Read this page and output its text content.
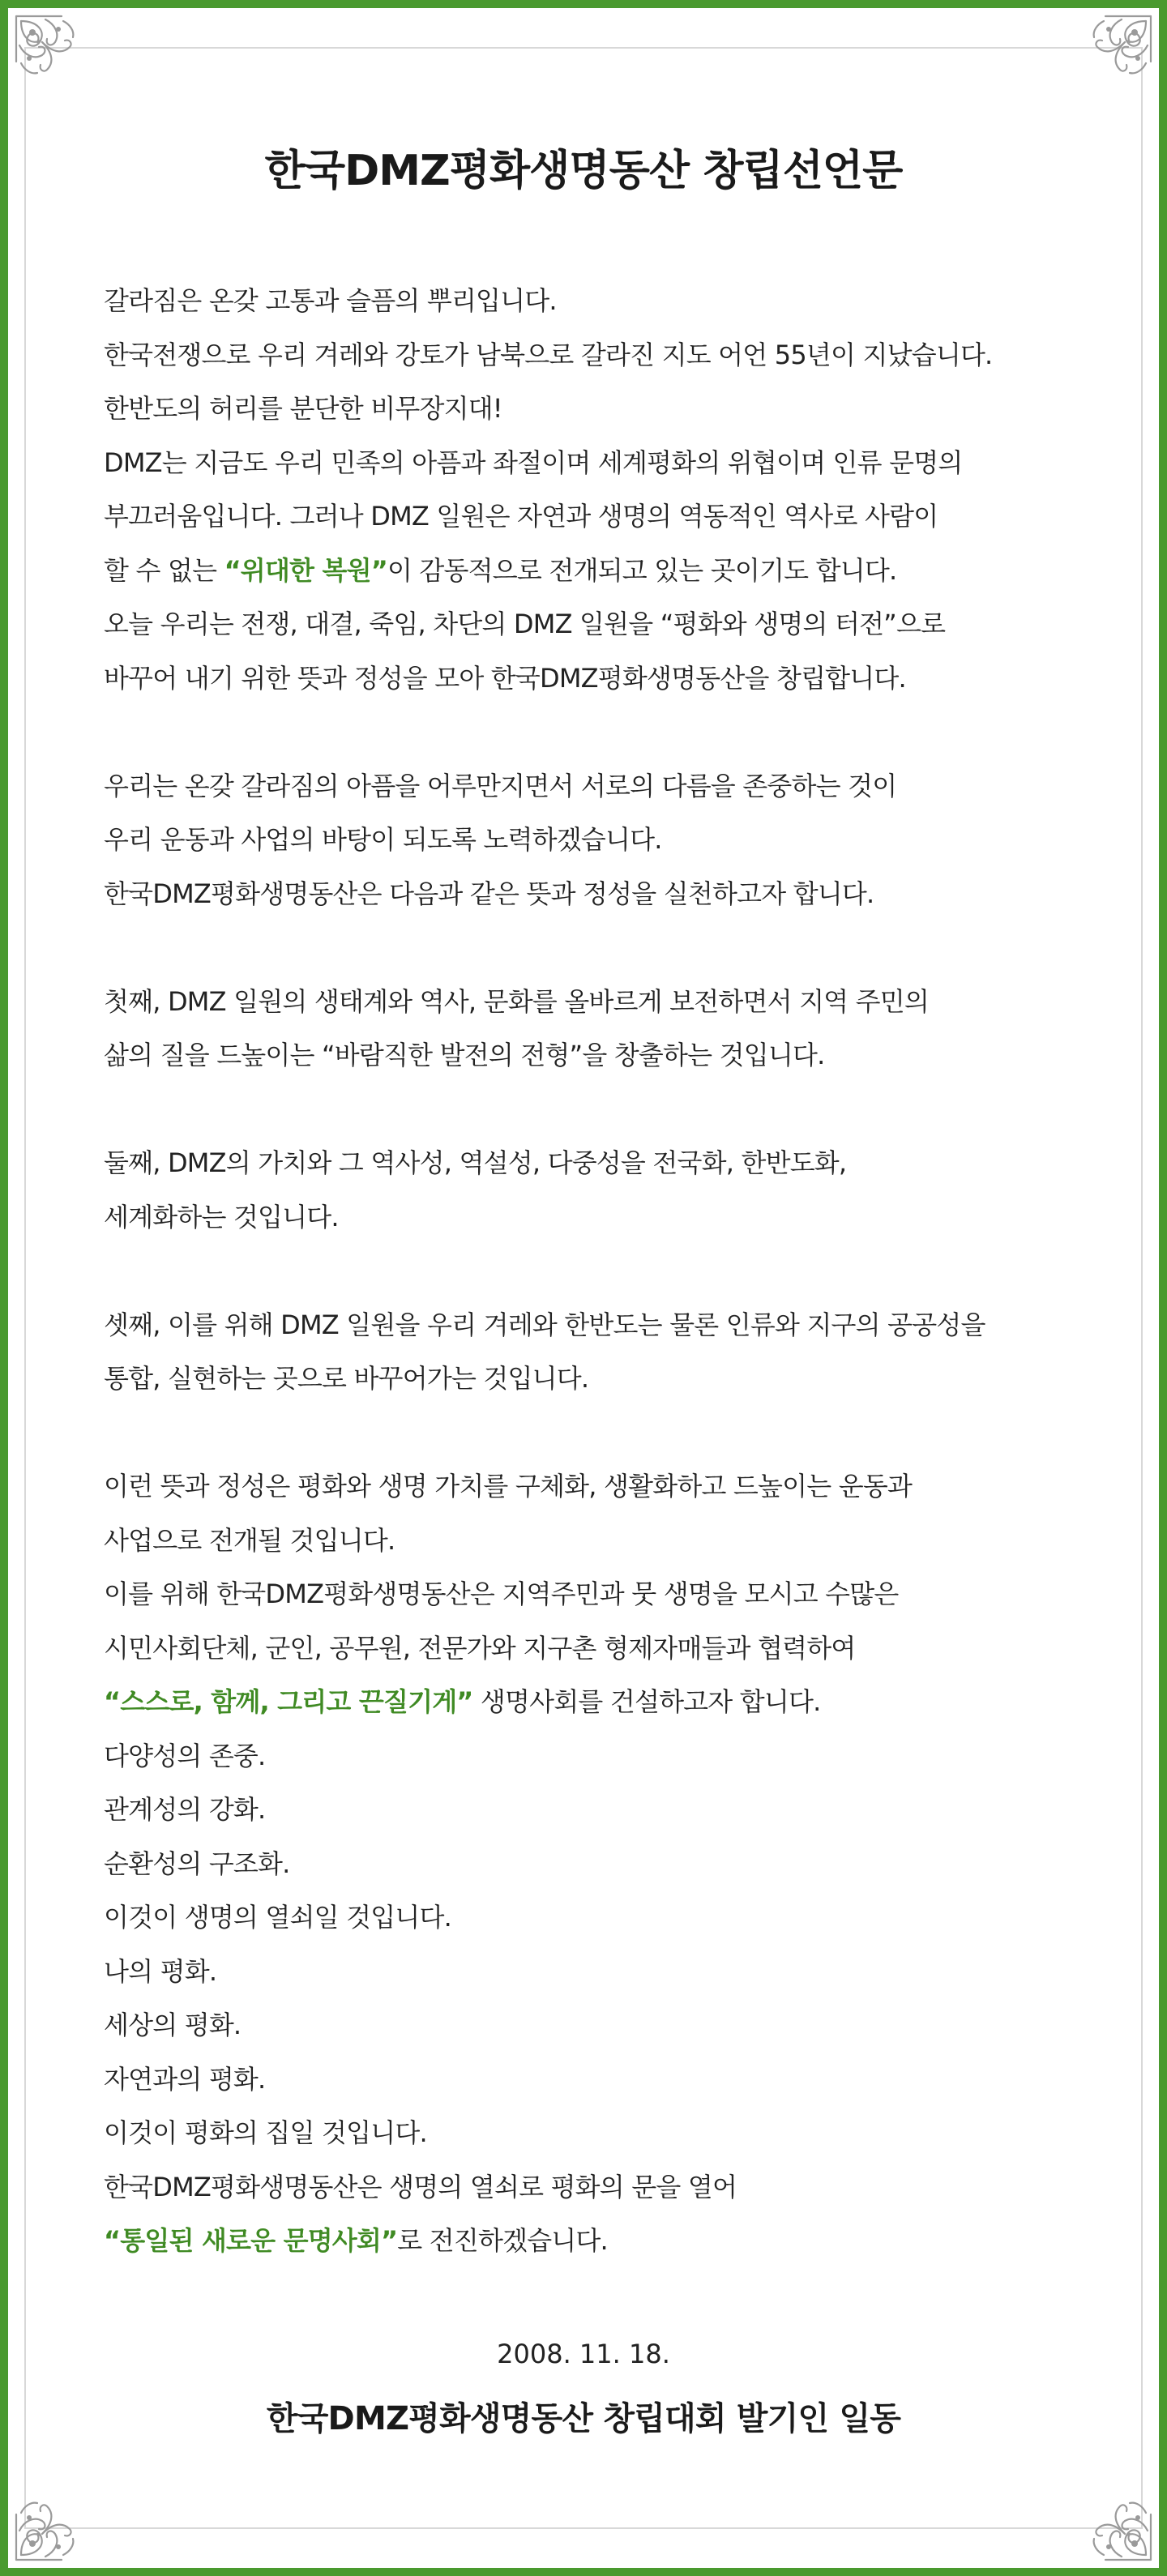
한국DMZ평화생명동산 창립선언문
갈라짐은 온갖 고통과 슬픔의 뿌리입니다.
한국전쟁으로 우리 겨레와 강토가 남북으로 갈라진 지도 어언 55년이 지났습니다.
한반도의 허리를 분단한 비무장지대!
DMZ는 지금도 우리 민족의 아픔과 좌절이며 세계평화의 위협이며 인류 문명의
부끄러움입니다. 그러나 DMZ 일원은 자연과 생명의 역동적인 역사로 사람이
할 수 없는 “위대한 복원”이 감동적으로 전개되고 있는 곳이기도 합니다.
오늘 우리는 전쟁, 대결, 죽임, 차단의 DMZ 일원을 “평화와 생명의 터전”으로
바꾸어 내기 위한 뜻과 정성을 모아 한국DMZ평화생명동산을 창립합니다.
우리는 온갖 갈라짐의 아픔을 어루만지면서 서로의 다름을 존중하는 것이
우리 운동과 사업의 바탕이 되도록 노력하겠습니다.
한국DMZ평화생명동산은 다음과 같은 뜻과 정성을 실천하고자 합니다.
첫째, DMZ 일원의 생태계와 역사, 문화를 올바르게 보전하면서 지역 주민의
삶의 질을 드높이는 “바람직한 발전의 전형”을 창출하는 것입니다.
둘째, DMZ의 가치와 그 역사성, 역설성, 다중성을 전국화, 한반도화,
세계화하는 것입니다.
셋째, 이를 위해 DMZ 일원을 우리 겨레와 한반도는 물론 인류와 지구의 공공성을
통합, 실현하는 곳으로 바꾸어가는 것입니다.
이런 뜻과 정성은 평화와 생명 가치를 구체화, 생활화하고 드높이는 운동과
사업으로 전개될 것입니다.
이를 위해 한국DMZ평화생명동산은 지역주민과 뭇 생명을 모시고 수많은
시민사회단체, 군인, 공무원, 전문가와 지구촌 형제자매들과 협력하여
“스스로, 함께, 그리고 끈질기게” 생명사회를 건설하고자 합니다.
다양성의 존중.
관계성의 강화.
순환성의 구조화.
이것이 생명의 열쇠일 것입니다.
나의 평화.
세상의 평화.
자연과의 평화.
이것이 평화의 집일 것입니다.
한국DMZ평화생명동산은 생명의 열쇠로 평화의 문을 열어
“통일된 새로운 문명사회”로 전진하겠습니다.
2008. 11. 18.
한국DMZ평화생명동산 창립대회 발기인 일동
